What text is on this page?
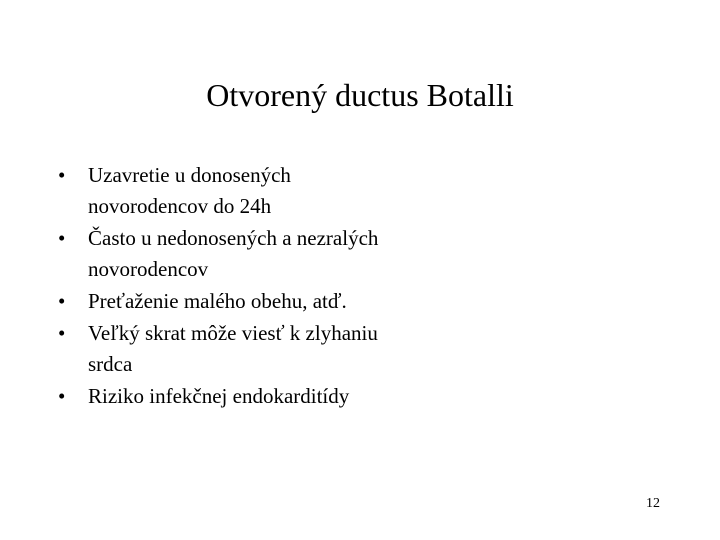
Otvorený ductus Botalli
• Uzavretie u donosených novorodencov do 24h
• Často u nedonosených a nezralých novorodencov
• Preťaženie malého obehu, atď.
• Veľký skrat môže viesť k zlyhaniu srdca
• Riziko infekčnej endokarditídy
12
